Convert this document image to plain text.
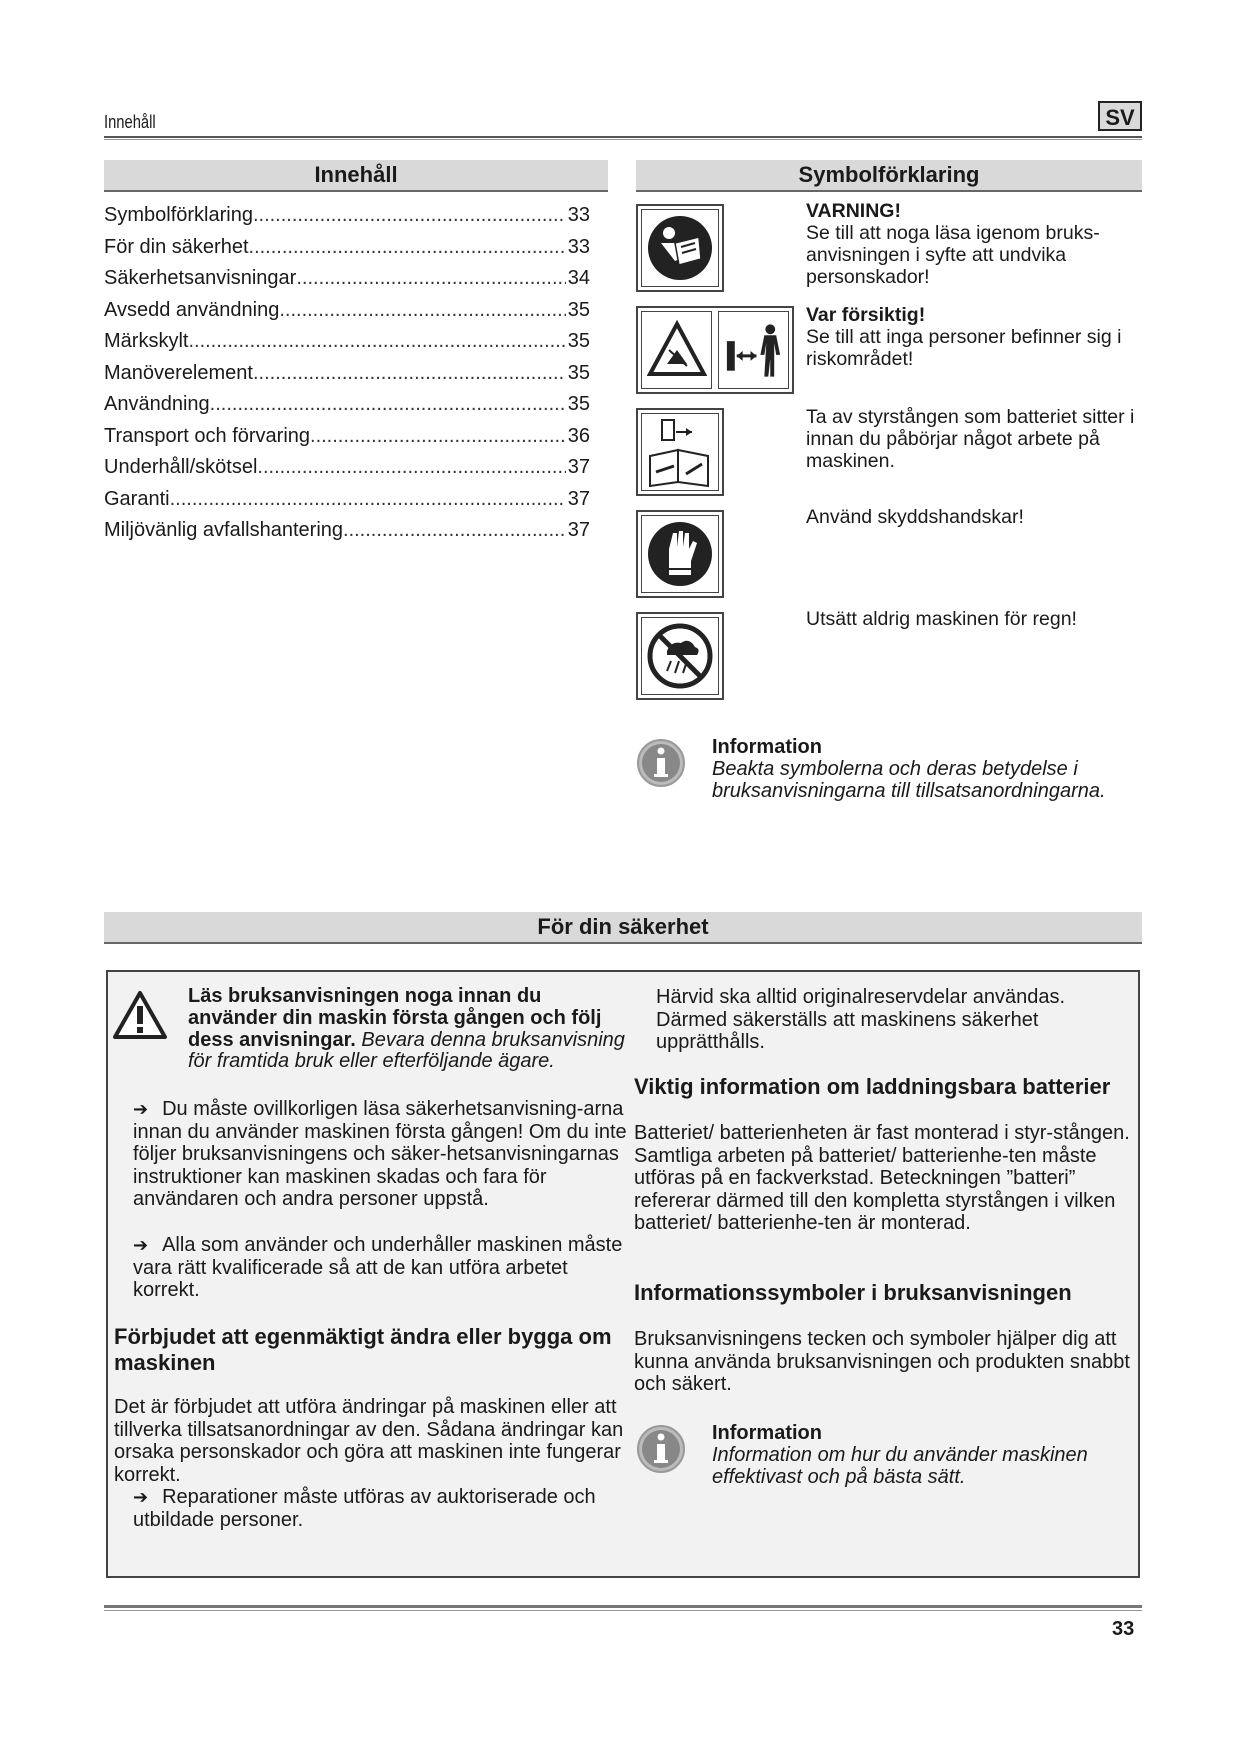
Innehåll	SV
Innehåll
Symbolförklaring .....	33
För din säkerhet .....	33
Säkerhetsanvisningar .....	34
Avsedd användning .....	35
Märkskylt .....	35
Manöverelement .....	35
Användning .....	35
Transport och förvaring .....	36
Underhåll/skötsel .....	37
Garanti .....	37
Miljövänlig avfallshantering .....	37
Symbolförklaring
VARNING!
Se till att noga läsa igenom bruks-anvisningen i syfte att undvika personskador!
Var försiktig!
Se till att inga personer befinner sig i riskområdet!
Ta av styrstången som batteriet sitter i innan du påbörjar något arbete på maskinen.
Använd skyddshandskar!
Utsätt aldrig maskinen för regn!
Information
Beakta symbolerna och deras betydelse i bruksanvisningarna till tillsatsanordningarna.
För din säkerhet
Läs bruksanvisningen noga innan du använder din maskin första gången och följ dess anvisningar. Bevara denna bruksanvisning för framtida bruk eller efterföljande ägare.
➔ Du måste ovillkorligen läsa säkerhetsanvisning-arna innan du använder maskinen första gången! Om du inte följer bruksanvisningens och säker-hetsanvisningarnas instruktioner kan maskinen skadas och fara för användaren och andra personer uppstå.
➔ Alla som använder och underhåller maskinen måste vara rätt kvalificerade så att de kan utföra arbetet korrekt.
Förbjudet att egenmäktigt ändra eller bygga om maskinen
Det är förbjudet att utföra ändringar på maskinen eller att tillverka tillsatsanordningar av den. Sådana ändringar kan orsaka personskador och göra att maskinen inte fungerar korrekt.
➔ Reparationer måste utföras av auktoriserade och utbildade personer.
Härvid ska alltid originalreservdelar användas. Därmed säkerställs att maskinens säkerhet upprätthålls.
Viktig information om laddningsbara batterier
Batteriet/ batterienheten är fast monterad i styr-stången. Samtliga arbeten på batteriet/ batterienhe-ten måste utföras på en fackverkstad. Beteckningen ”batteri” refererar därmed till den kompletta styrstången i vilken batteriet/ batterienhe-ten är monterad.
Informationssymboler i bruksanvisningen
Bruksanvisningens tecken och symboler hjälper dig att kunna använda bruksanvisningen och produkten snabbt och säkert.
Information
Information om hur du använder maskinen effektivast och på bästa sätt.
33
